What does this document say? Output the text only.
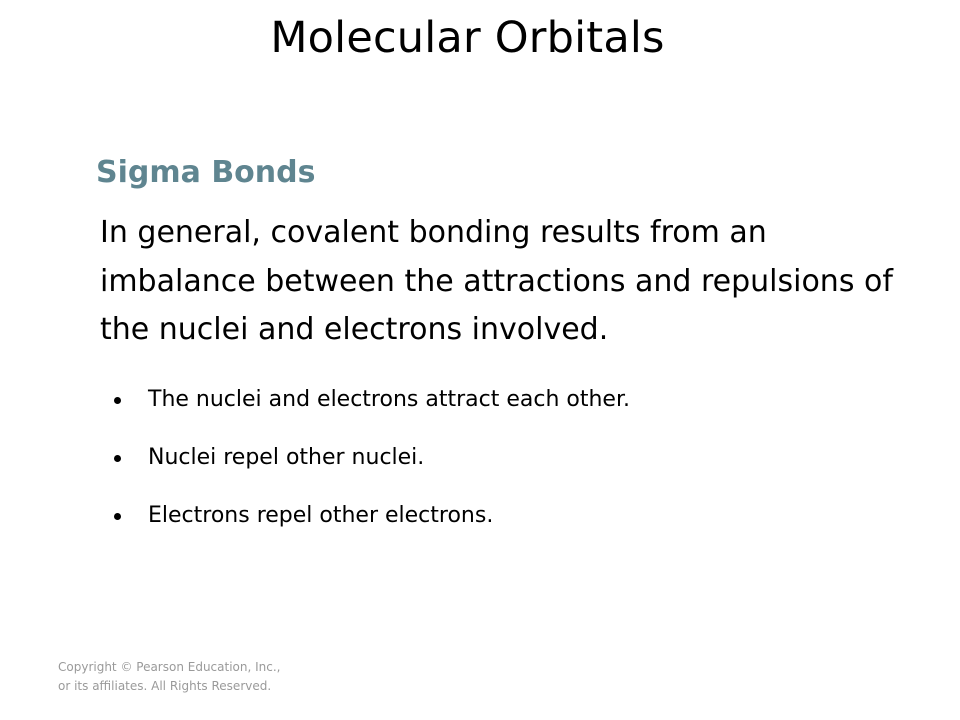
Molecular Orbitals
Sigma Bonds
In general, covalent bonding results from an imbalance between the attractions and repulsions of the nuclei and electrons involved.
The nuclei and electrons attract each other.
Nuclei repel other nuclei.
Electrons repel other electrons.
Copyright © Pearson Education, Inc., or its affiliates. All Rights Reserved.
